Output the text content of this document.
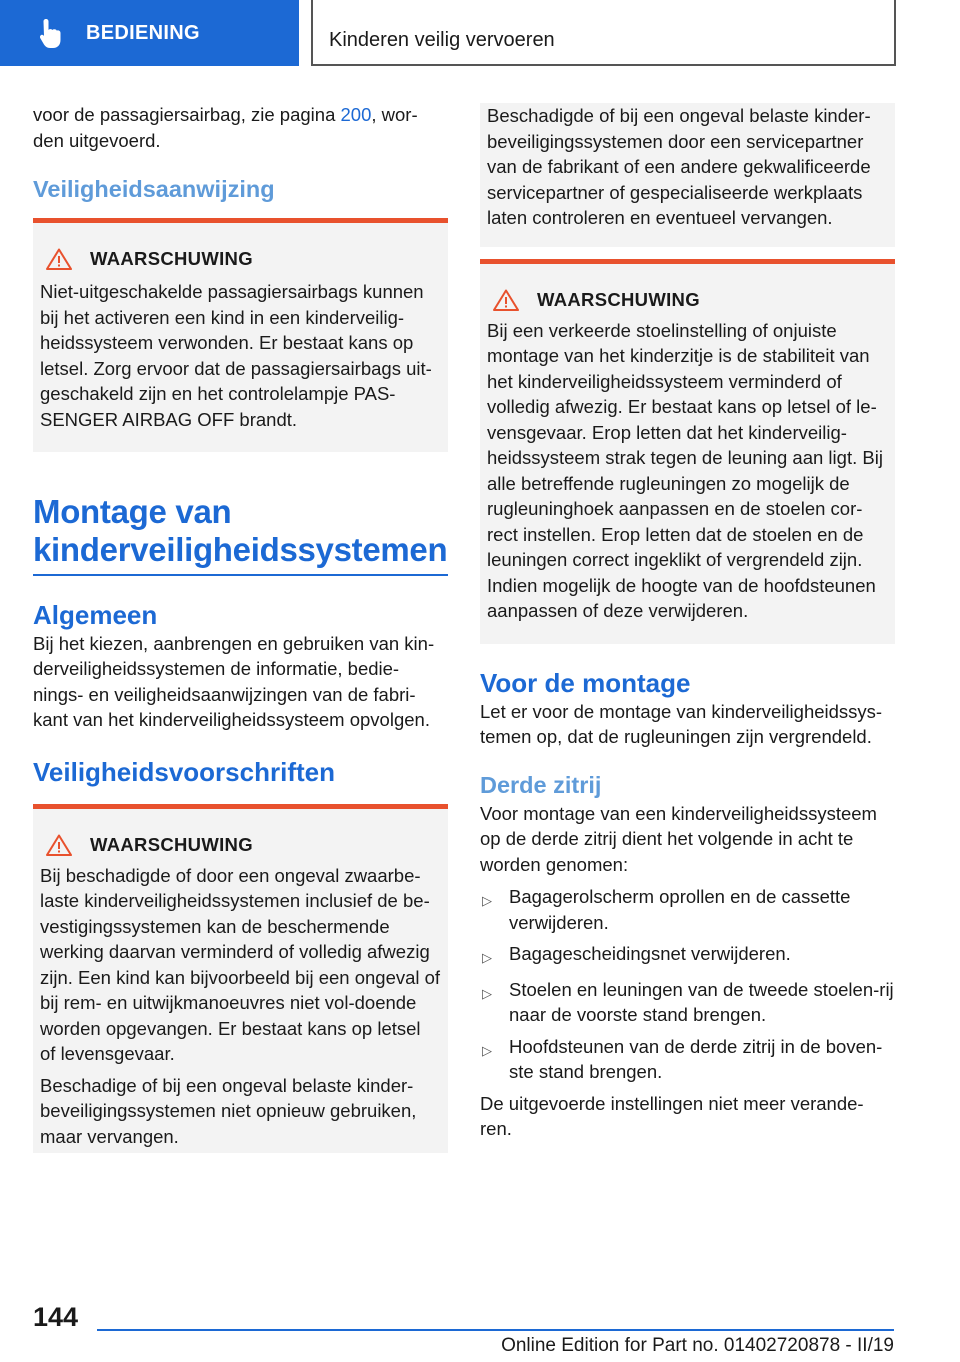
BEDIENING	Kinderen veilig vervoeren

voor de passagiersairbag, zie pagina 200, wor-
den uitgevoerd.

Veiligheidsaanwijzing
WAARSCHUWING

Niet-uitgeschakelde passagiersairbags kunnen bij het activeren een kind in een kinderveilig-heidssysteem verwonden. Er bestaat kans op letsel. Zorg ervoor dat de passagiersairbags uit-geschakeld zijn en het controlelampje PAS-SENGER AIRBAG OFF brandt.

Montage van kinderveiligheidssystemen
Algemeen

Bij het kiezen, aanbrengen en gebruiken van kin-derveiligheidssystemen de informatie, bedie-nings- en veiligheidsaanwijzingen van de fabri-kant van het kinderveiligheidssysteem opvolgen.

Veiligheidsvoorschriften
WAARSCHUWING

Bij beschadigde of door een ongeval zwaarbe-laste kinderveiligheidssystemen inclusief de be-vestigingssystemen kan de beschermende werking daarvan verminderd of volledig afwezig zijn. Een kind kan bijvoorbeeld bij een ongeval of bij rem- en uitwijkmanoeuvres niet vol-doende worden opgevangen. Er bestaat kans op letsel of levensgevaar.

Beschadige of bij een ongeval belaste kinder-beveiligingssystemen niet opnieuw gebruiken, maar vervangen.

Beschadigde of bij een ongeval belaste kinder-beveiligingssystemen door een servicepartner van de fabrikant of een andere gekwalificeerde servicepartner of gespecialiseerde werkplaats laten controleren en eventueel vervangen.

WAARSCHUWING

Bij een verkeerde stoelinstelling of onjuiste montage van het kinderzitje is de stabiliteit van het kinderveiligheidssysteem verminderd of volledig afwezig. Er bestaat kans op letsel of le-vensgevaar. Erop letten dat het kinderveilig-heidssysteem strak tegen de leuning aan ligt. Bij alle betreffende rugleuningen zo mogelijk de rugleuninghoek aanpassen en de stoelen cor-rect instellen. Erop letten dat de stoelen en de leuningen correct ingeklikt of vergrendeld zijn. Indien mogelijk de hoogte van de hoofdsteunen aanpassen of deze verwijderen.

Voor de montage

Let er voor de montage van kinderveiligheidssys-temen op, dat de rugleuningen zijn vergrendeld.

Derde zitrij

Voor montage van een kinderveiligheidssysteem op de derde zitrij dient het volgende in acht te worden genomen:

▷ Bagagerolscherm oprollen en de cassette verwijderen.
▷ Bagagescheidingsnet verwijderen.
▷ Stoelen en leuningen van de tweede stoelen-rij naar de voorste stand brengen.
▷ Hoofdsteunen van de derde zitrij in de boven-ste stand brengen.

De uitgevoerde instellingen niet meer verande-ren.

144
Online Edition for Part no. 01402720878 - II/19
